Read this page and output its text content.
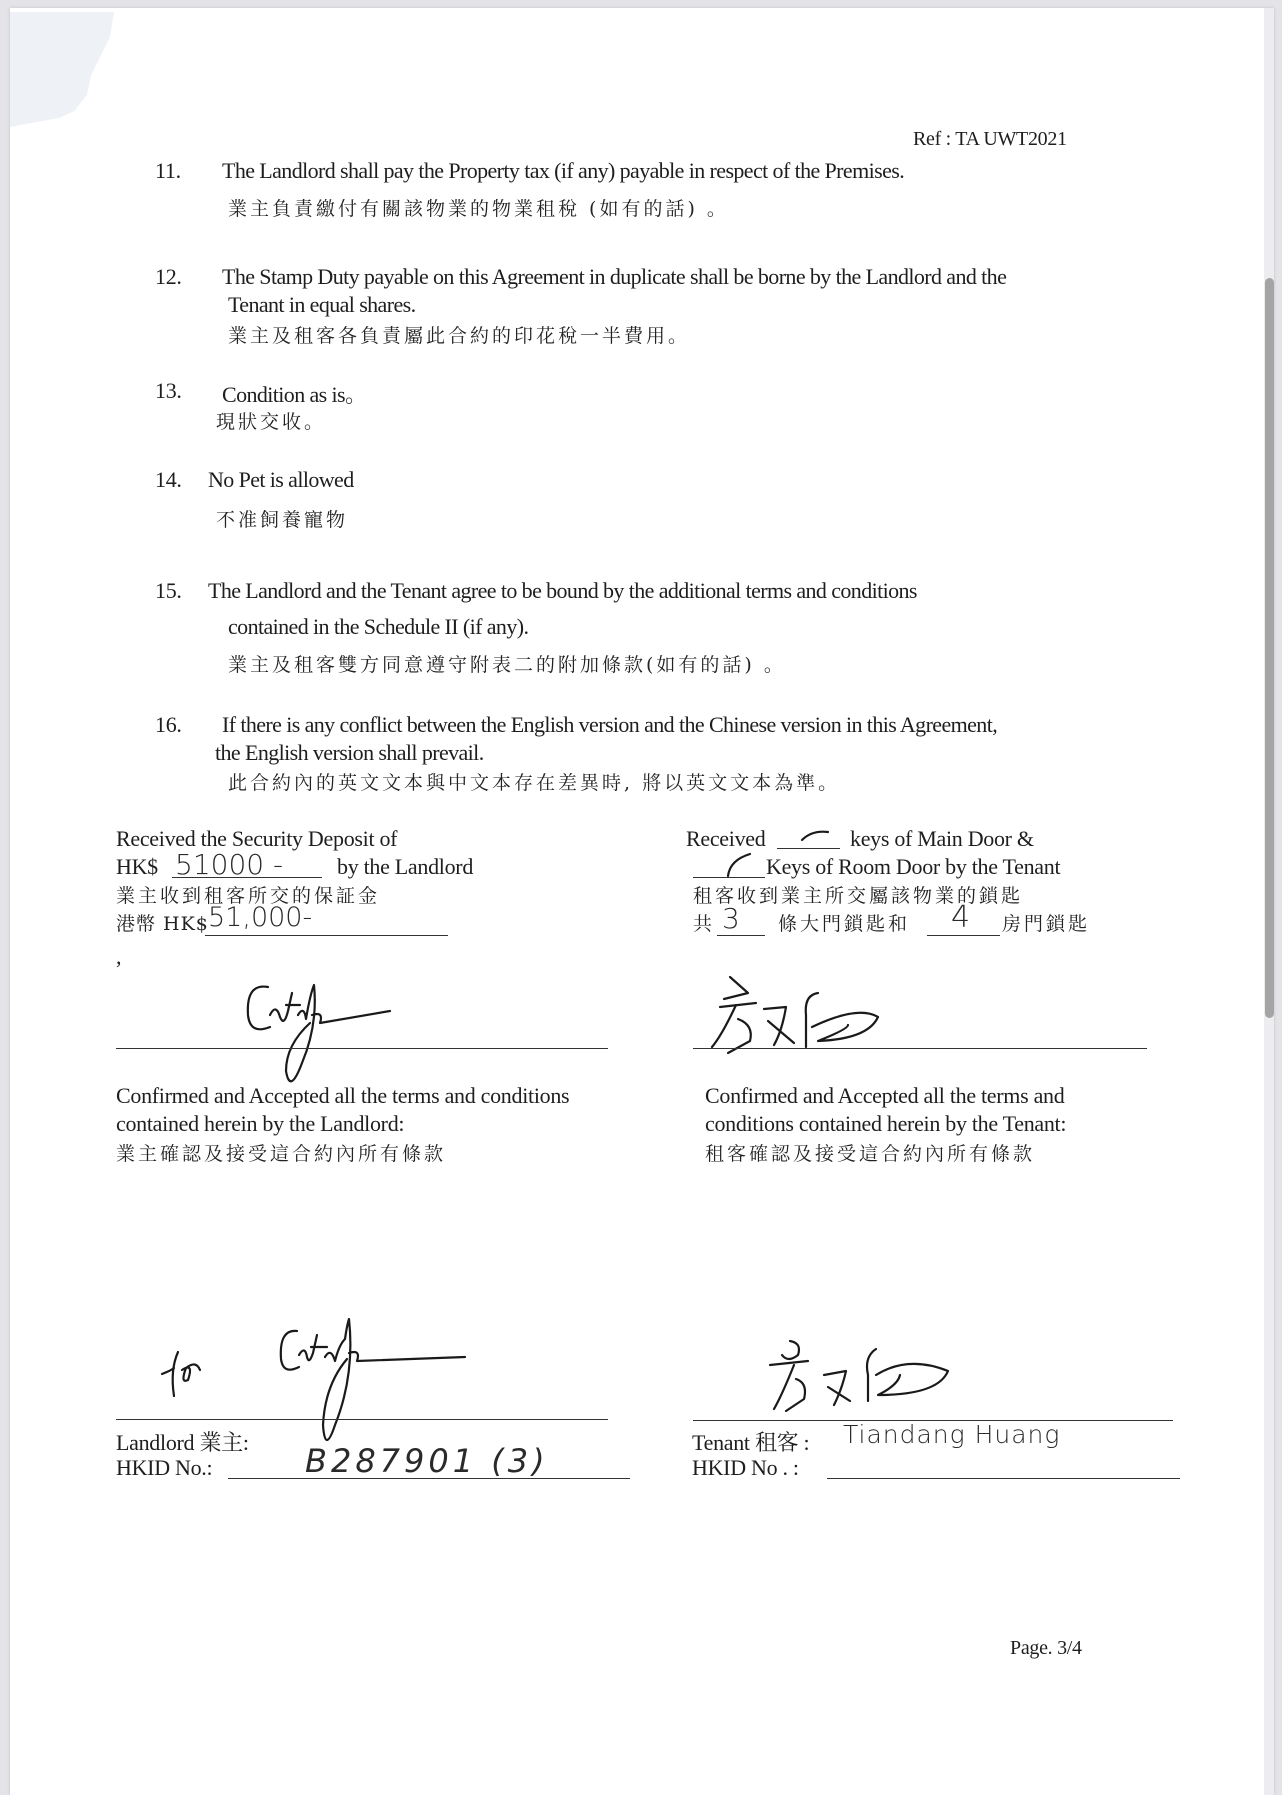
Ref : TA UWT2021
11. The Landlord shall pay the Property tax (if any) payable in respect of the Premises.
業主負責繳付有關該物業的物業租稅 (如有的話) 。
12. The Stamp Duty payable on this Agreement in duplicate shall be borne by the Landlord and the
Tenant in equal shares.
業主及租客各負責屬此合約的印花稅一半費用。
13. Condition as is。
現狀交收。
14. No Pet is allowed
不准飼養寵物
15. The Landlord and the Tenant agree to be bound by the additional terms and conditions
contained in the Schedule II (if any).
業主及租客雙方同意遵守附表二的附加條款(如有的話) 。
16. If there is any conflict between the English version and the Chinese version in this Agreement,
the English version shall prevail.
此合約內的英文文本與中文本存在差異時, 將以英文文本為準。
Received the Security Deposit of
HK$ 51000 - by the Landlord
業主收到租客所交的保証金
港幣 HK$ 51,000-
,
Received	keys of Main Door &
Keys of Room Door by the Tenant
租客收到業主所交屬該物業的鎖匙
共 3 條大門鎖匙和 4 房門鎖匙
Confirmed and Accepted all the terms and conditions
contained herein by the Landlord:
業主確認及接受這合約內所有條款
Confirmed and Accepted all the terms and
conditions contained herein by the Tenant:
租客確認及接受這合約內所有條款
Landlord 業主:
HKID No.:	B287901 (3)	Tenant 租客 : Tiandang Huang
HKID No . :
Page. 3/4
